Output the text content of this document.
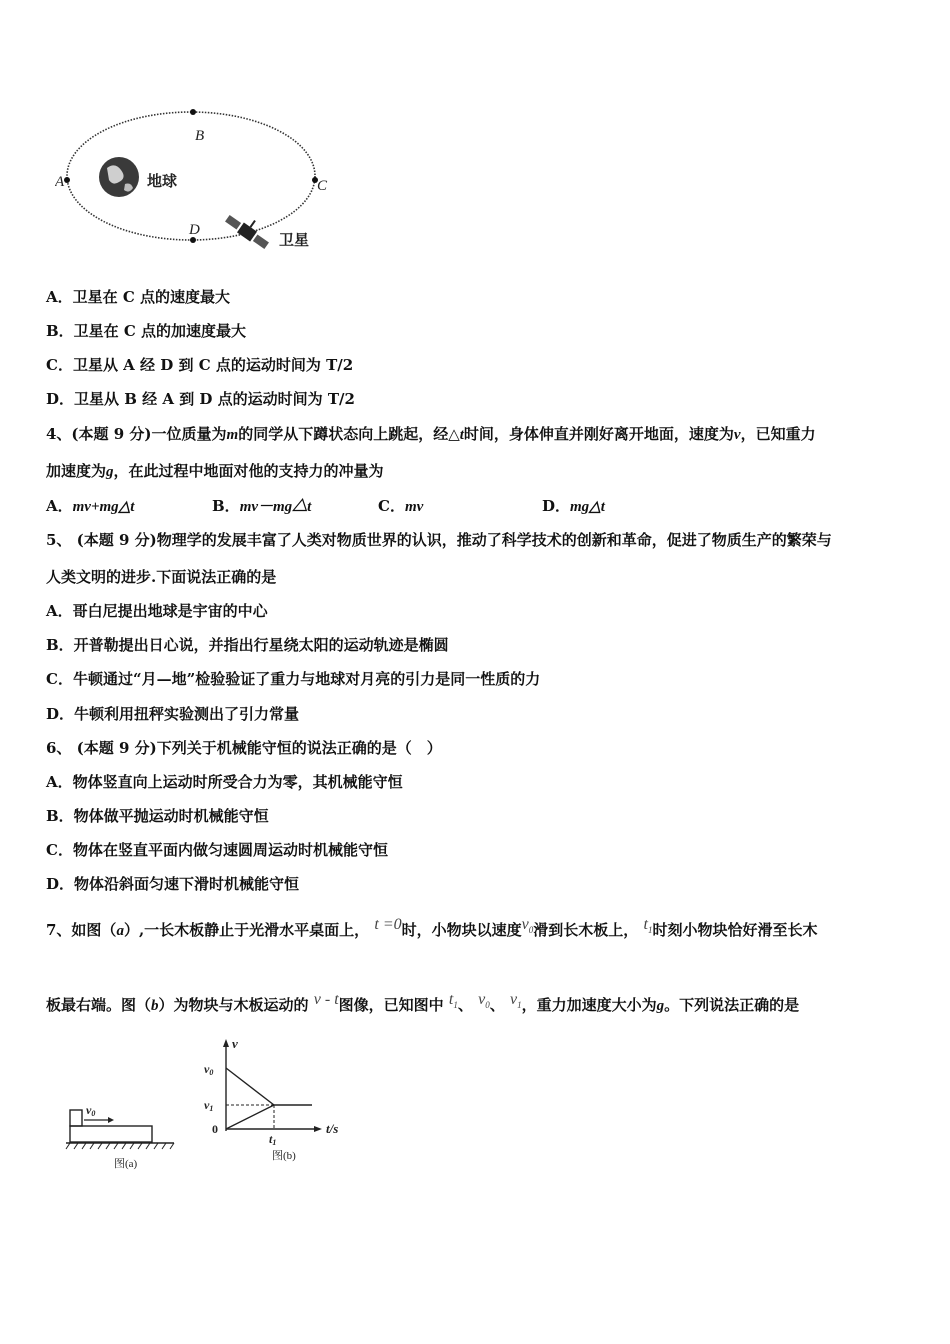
B
A	C
D
地球
卫星
A．卫星在 C 点的速度最大
B．卫星在 C 点的加速度最大
C．卫星从 A 经 D 到 C 点的运动时间为 T/2
D．卫星从 B 经 A 到 D 点的运动时间为 T/2
4、(本题 9 分)一位质量为m的同学从下蹲状态向上跳起，经△t时间，身体伸直并刚好离开地面，速度为v，已知重力
加速度为g，在此过程中地面对他的支持力的冲量为
A．mv+mg△t	B．mv－mg△t	C．mv	D．mg△t
5、 (本题 9 分)物理学的发展丰富了人类对物质世界的认识，推动了科学技术的创新和革命，促进了物质生产的繁荣与
人类文明的进步.下面说法正确的是
A．哥白尼提出地球是宇宙的中心
B．开普勒提出日心说，并指出行星绕太阳的运动轨迹是椭圆
C．牛顿通过“月—地”检验验证了重力与地球对月亮的引力是同一性质的力
D．牛顿利用扭秤实验测出了引力常量
6、 (本题 9 分)下列关于机械能守恒的说法正确的是（　）
A．物体竖直向上运动时所受合力为零，其机械能守恒
B．物体做平抛运动时机械能守恒
C．物体在竖直平面内做匀速圆周运动时机械能守恒
D．物体沿斜面匀速下滑时机械能守恒
7、如图（a）,一长木板静止于光滑水平桌面上， t =0时，小物块以速度$v_0$滑到长木板上， $t_1$时刻小物块恰好滑至长木
板最右端。图（b）为物块与木板运动的 v - t图像，已知图中 $t_1$、 $v_0$、 $v_1$，重力加速度大小为g。下列说法正确的是
v0
图(a)
v
t/s
v0
v1
0
t1
图(b)
